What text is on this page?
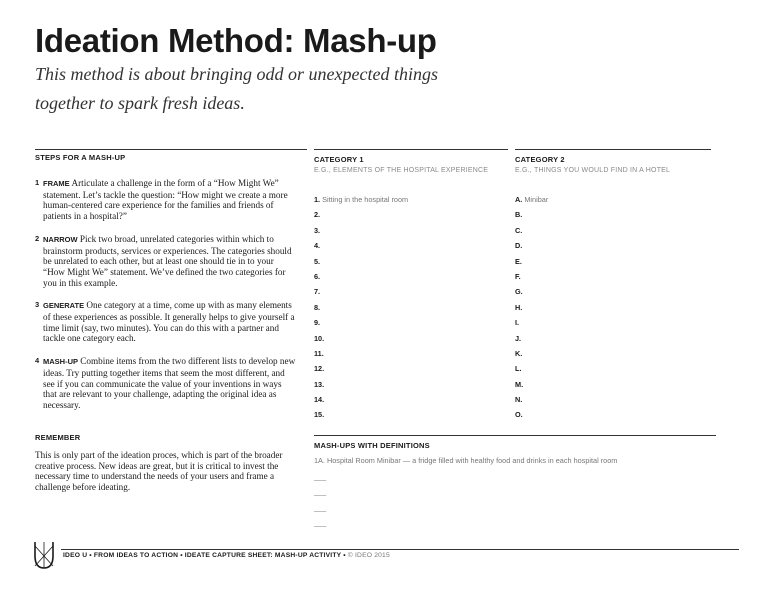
Ideation Method: Mash-up
This method is about bringing odd or unexpected things together to spark fresh ideas.
STEPS FOR A MASH-UP
1 FRAME Articulate a challenge in the form of a “How Might We” statement. Let’s tackle the question: “How might we create a more human-centered care experience for the families and friends of patients in a hospital?”
2 NARROW Pick two broad, unrelated categories within which to brainstorm products, services or experiences. The categories should be unrelated to each other, but at least one should tie in to your “How Might We” statement. We’ve defined the two categories for you in this example.
3 GENERATE One category at a time, come up with as many elements of these experiences as possible. It generally helps to give yourself a time limit (say, two minutes). You can do this with a partner and tackle one category each.
4 MASH-UP Combine items from the two different lists to develop new ideas. Try putting together items that seem the most different, and see if you can communicate the value of your inventions in ways that are relevant to your challenge, adapting the original idea as necessary.
REMEMBER
This is only part of the ideation proces, which is part of the broader creative process. New ideas are great, but it is critical to invest the necessary time to understand the needs of your users and frame a challenge before ideating.
CATEGORY 1
E.G., ELEMENTS OF THE HOSPITAL EXPERIENCE
1. Sitting in the hospital room
2.
3.
4.
5.
6.
7.
8.
9.
10.
11.
12.
13.
14.
15.
CATEGORY 2
E.G., THINGS YOU WOULD FIND IN A HOTEL
A. Minibar
B.
C.
D.
E.
F.
G.
H.
I.
J.
K.
L.
M.
N.
O.
MASH-UPS WITH DEFINITIONS
1A. Hospital Room Minibar — a fridge filled with healthy food and drinks in each hospital room
___
___
___
___
IDEO U • FROM IDEAS TO ACTION • IDEATE CAPTURE SHEET: MASH-UP ACTIVITY • © IDEO 2015
